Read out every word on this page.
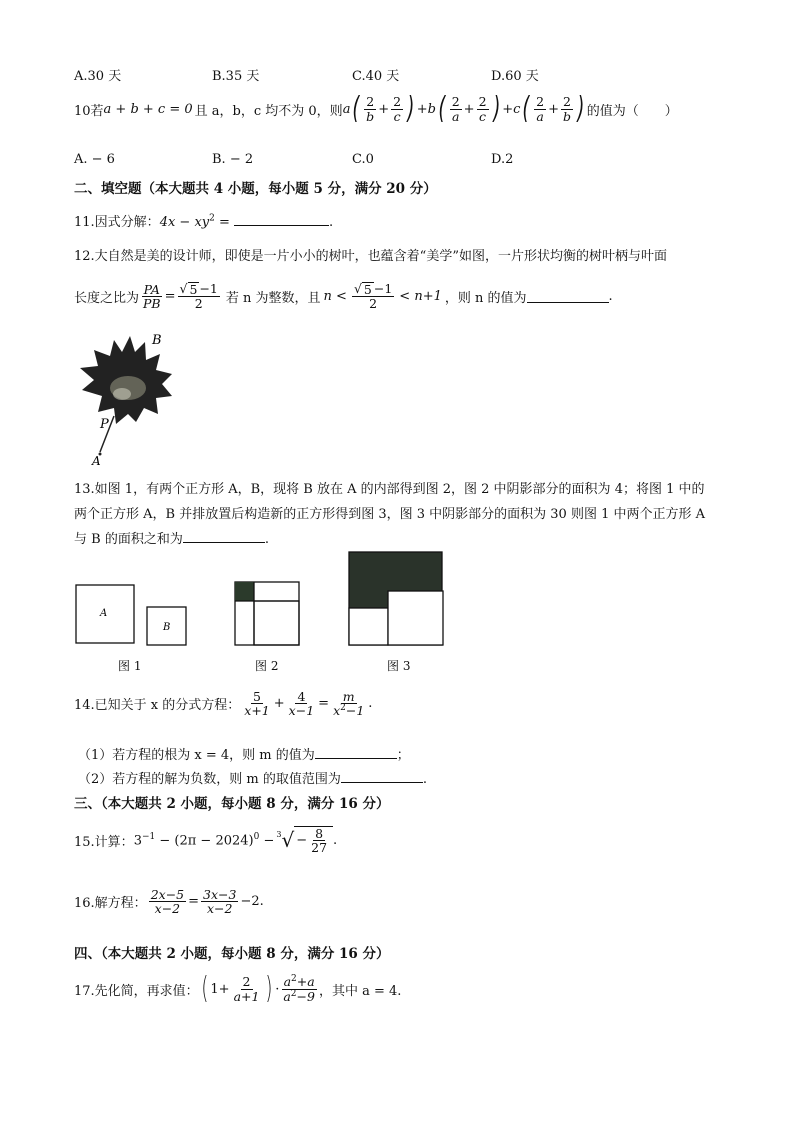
A.30 天	B.35 天	C.40 天	D.60 天
10若 a + b + c = 0 且 a，b，c 均不为 0，则 a ( $\frac{2}{b} + \frac{2}{c}$ ) +b ( $\frac{2}{a} + \frac{2}{c}$ ) +c ( $\frac{2}{a} + \frac{2}{b}$ ) 的值为（　　）
A. − 6	B. − 2	C.0	D.2
二、填空题（本大题共 4 小题，每小题 5 分，满分 20 分）
11.因式分解：$4x - xy^2$ =	.
12.大自然是美的设计师，即使是一片小小的树叶，也蕴含着“美学”如图，一片形状均衡的树叶柄与叶面
长度之比为 $\frac{PA}{PB} = \frac{√ 5 -1}{2}$ 若 n 为整数，且 $n < \frac{√ 5 -1}{2} < n+1$ ，则 n 的值为	.
B
P
A
13.如图 1，有两个正方形 A，B，现将 B 放在 A 的内部得到图 2，图 2 中阴影部分的面积为 4；将图 1 中的
两个正方形 A，B 并排放置后构造新的正方形得到图 3，图 3 中阴影部分的面积为 30 则图 1 中两个正方形 A
与 B 的面积之和为	.
A
B
图 1	图 2	图 3
14.已知关于 x 的分式方程： $\frac{5}{x+1} + \frac{4}{x-1} = \frac{m}{x^2-1}$ .
（1）若方程的根为 x = 4，则 m 的值为	；
（2）若方程的解为负数，则 m 的取值范围为	.
三、（本大题共 2 小题，每小题 8 分，满分 16 分）
15.计算： $3^{-1} - (2\pi - 2024)^0 - 3$ √ − $\frac{8}{27}$ .
16.解方程： $\frac{2x-5}{x-2} = \frac{3x-3}{x-2} -2$.
四、（本大题共 2 小题，每小题 8 分，满分 16 分）
17.先化简，再求值： ( $1+ \frac{2}{a+1}$ ) · $\frac{a^2+a}{a^2-9}$ ，其中 a = 4.
